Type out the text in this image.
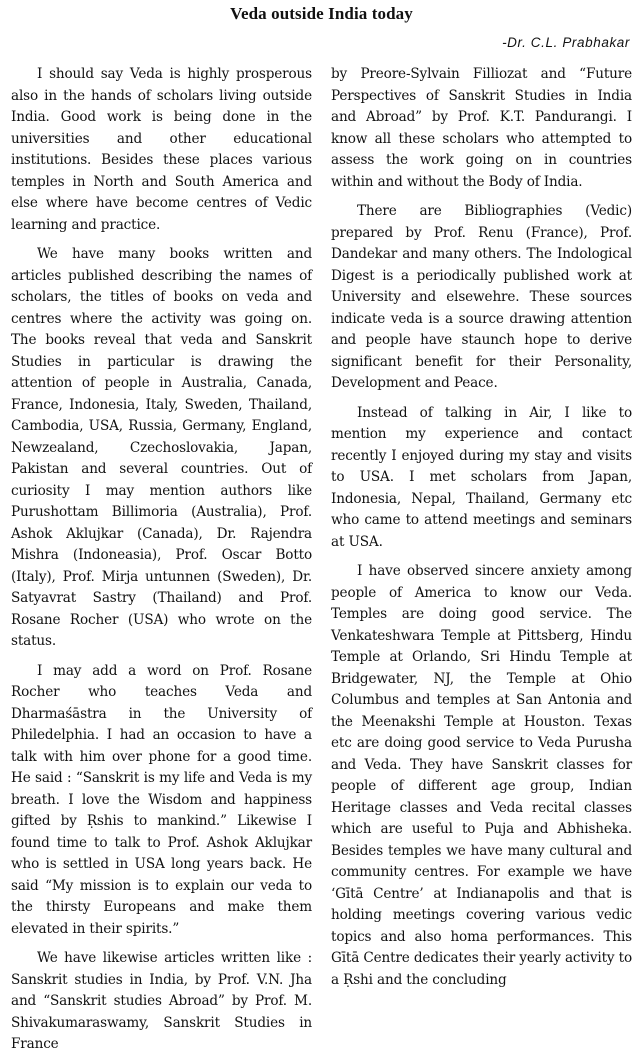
Veda outside India today
-Dr. C.L. Prabhakar

I should say Veda is highly prosperous also in the hands of scholars living outside India. Good work is being done in the universities and other educational institutions. Besides these places various temples in North and South America and else where have become centres of Vedic learning and practice.

We have many books written and articles published describing the names of scholars, the titles of books on veda and centres where the activity was going on. The books reveal that veda and Sanskrit Studies in particular is drawing the attention of people in Australia, Canada, France, Indonesia, Italy, Sweden, Thailand, Cambodia, USA, Russia, Germany, England, Newzealand, Czechoslovakia, Japan, Pakistan and several countries. Out of curiosity I may mention authors like Purushottam Billimoria (Australia), Prof. Ashok Aklujkar (Canada), Dr. Rajendra Mishra (Indoneasia), Prof. Oscar Botto (Italy), Prof. Mirja untunnen (Sweden), Dr. Satyavrat Sastry (Thailand) and Prof. Rosane Rocher (USA) who wrote on the status.

I may add a word on Prof. Rosane Rocher who teaches Veda and Dharmaśāstra in the University of Philedelphia. I had an occasion to have a talk with him over phone for a good time. He said : “Sanskrit is my life and Veda is my breath. I love the Wisdom and happiness gifted by Ṛshis to mankind.” Likewise I found time to talk to Prof. Ashok Aklujkar who is settled in USA long years back. He said “My mission is to explain our veda to the thirsty Europeans and make them elevated in their spirits.”

We have likewise articles written like : Sanskrit studies in India, by Prof. V.N. Jha and “Sanskrit studies Abroad” by Prof. M. Shivakumaraswamy, Sanskrit Studies in France

by Preore-Sylvain Filliozat and “Future Perspectives of Sanskrit Studies in India and Abroad” by Prof. K.T. Pandurangi. I know all these scholars who attempted to assess the work going on in countries within and without the Body of India.

There are Bibliographies (Vedic) prepared by Prof. Renu (France), Prof. Dandekar and many others. The Indological Digest is a periodically published work at University and elsewehre. These sources indicate veda is a source drawing attention and people have staunch hope to derive significant benefit for their Personality, Development and Peace.

Instead of talking in Air, I like to mention my experience and contact recently I enjoyed during my stay and visits to USA. I met scholars from Japan, Indonesia, Nepal, Thailand, Germany etc who came to attend meetings and seminars at USA.

I have observed sincere anxiety among people of America to know our Veda. Temples are doing good service. The Venkateshwara Temple at Pittsberg, Hindu Temple at Orlando, Sri Hindu Temple at Bridgewater, NJ, the Temple at Ohio Columbus and temples at San Antonia and the Meenakshi Temple at Houston. Texas etc are doing good service to Veda Purusha and Veda. They have Sanskrit classes for people of different age group, Indian Heritage classes and Veda recital classes which are useful to Puja and Abhisheka. Besides temples we have many cultural and community centres. For example we have ‘Gītā Centre’ at Indianapolis and that is holding meetings covering various vedic topics and also homa performances. This Gītā Centre dedicates their yearly activity to a Ṛshi and the concluding
